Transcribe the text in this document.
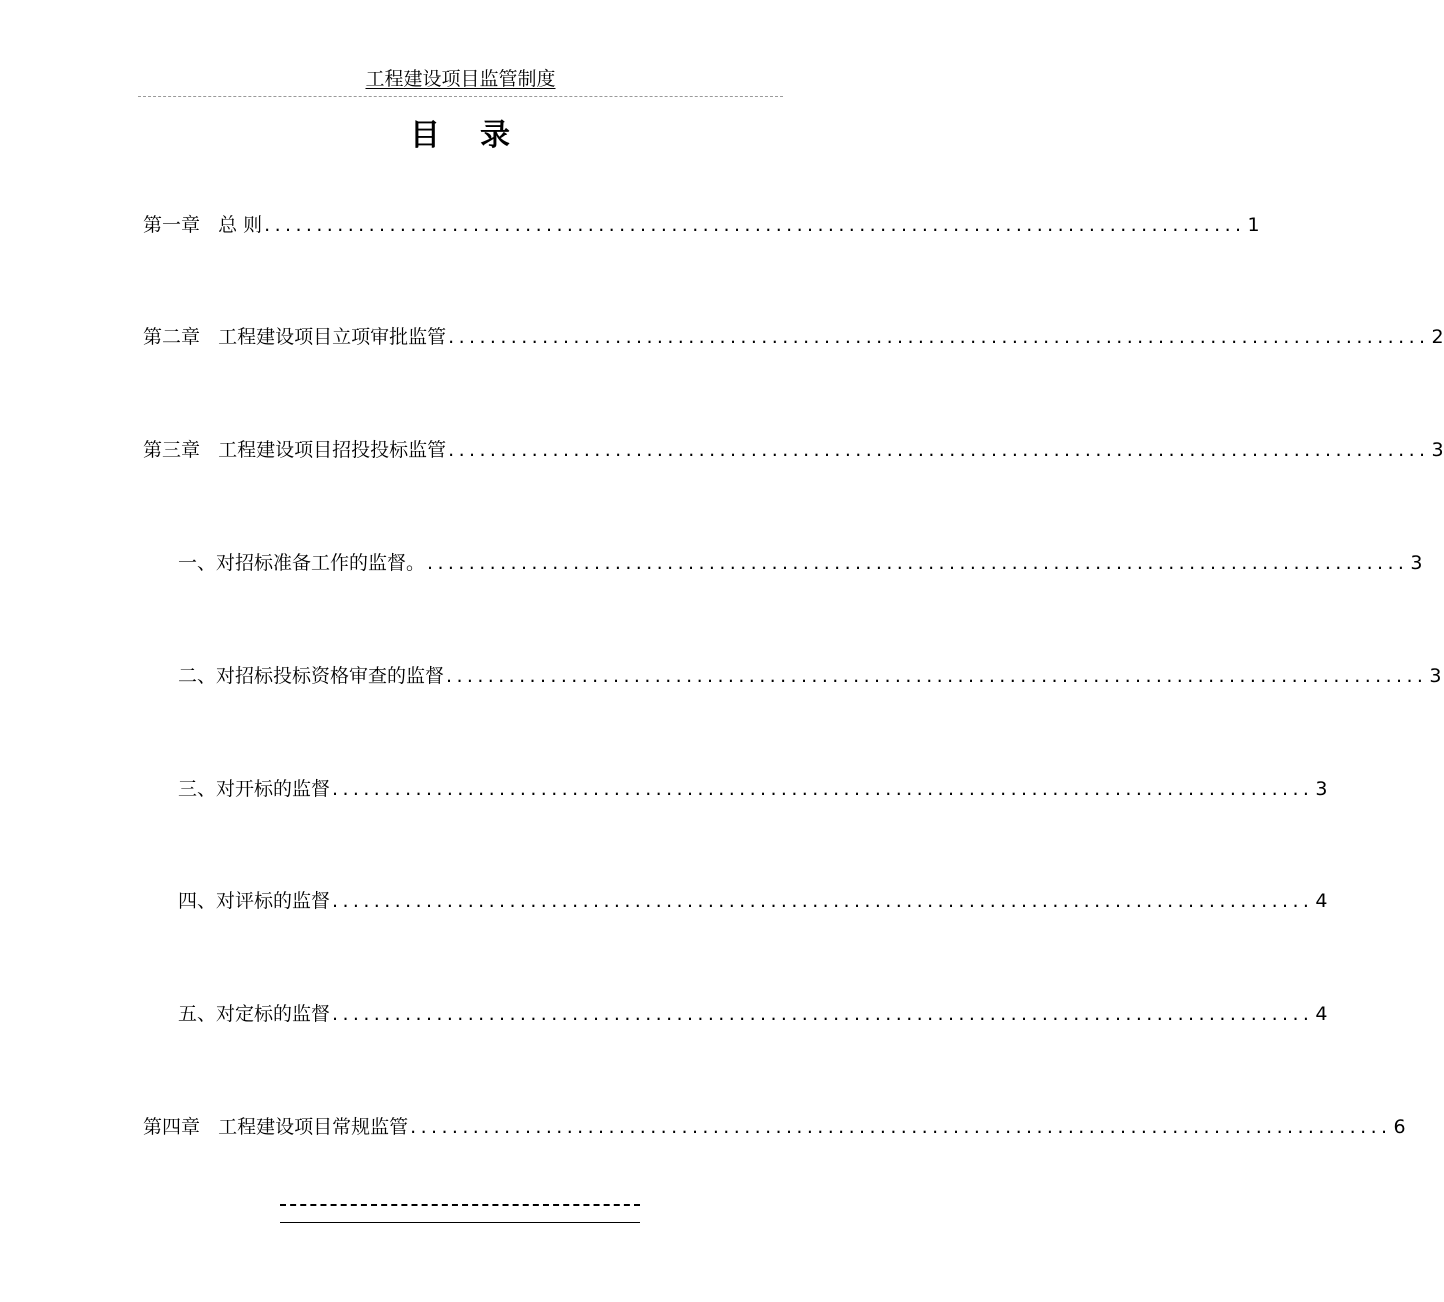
工程建设项目监管制度
目录
第一章   总 则 .............................................................................................. 1
第二章   工程建设项目立项审批监管 .............................................................................................. 2
第三章   工程建设项目招投投标监管 .............................................................................................. 3
一、对招标准备工作的监督。 .............................................................................................. 3
二、对招标投标资格审查的监督 .............................................................................................. 3
三、对开标的监督 .............................................................................................. 3
四、对评标的监督 .............................................................................................. 4
五、对定标的监督 .............................................................................................. 4
第四章   工程建设项目常规监管 .............................................................................................. 6
